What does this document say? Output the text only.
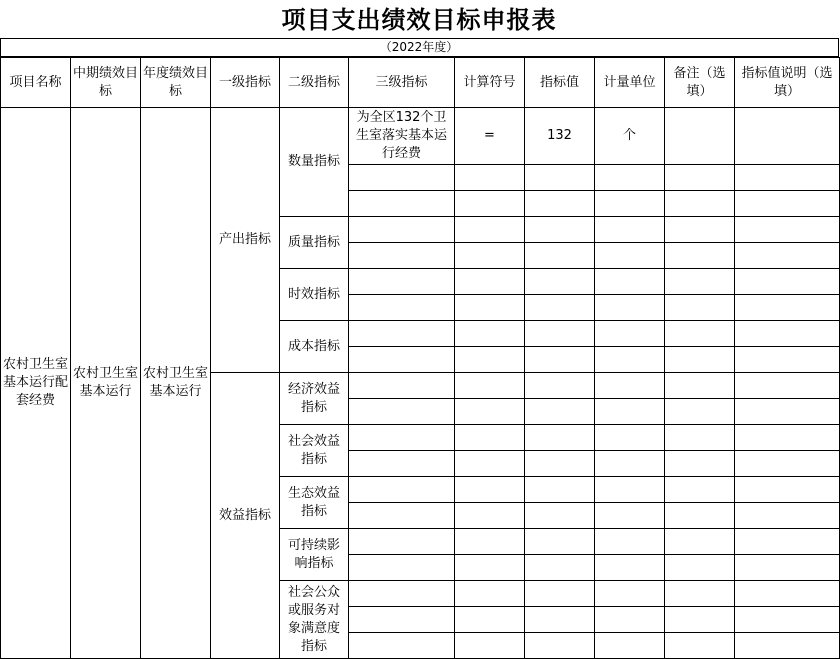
项目支出绩效目标申报表
（2022年度）
项目名称	中期绩效目标	年度绩效目标	一级指标	二级指标	三级指标	计算符号	指标值	计量单位	备注（选填）	指标值说明（选填）
农村卫生室基本运行配套经费	农村卫生室基本运行	农村卫生室基本运行	产出指标	数量指标	为全区132个卫生室落实基本运行经费	=	132	个		

				质量指标						

				时效指标						

				成本指标						

			效益指标	经济效益指标						

				社会效益指标						

				生态效益指标						

				可持续影响指标						

				社会公众或服务对象满意度指标						
